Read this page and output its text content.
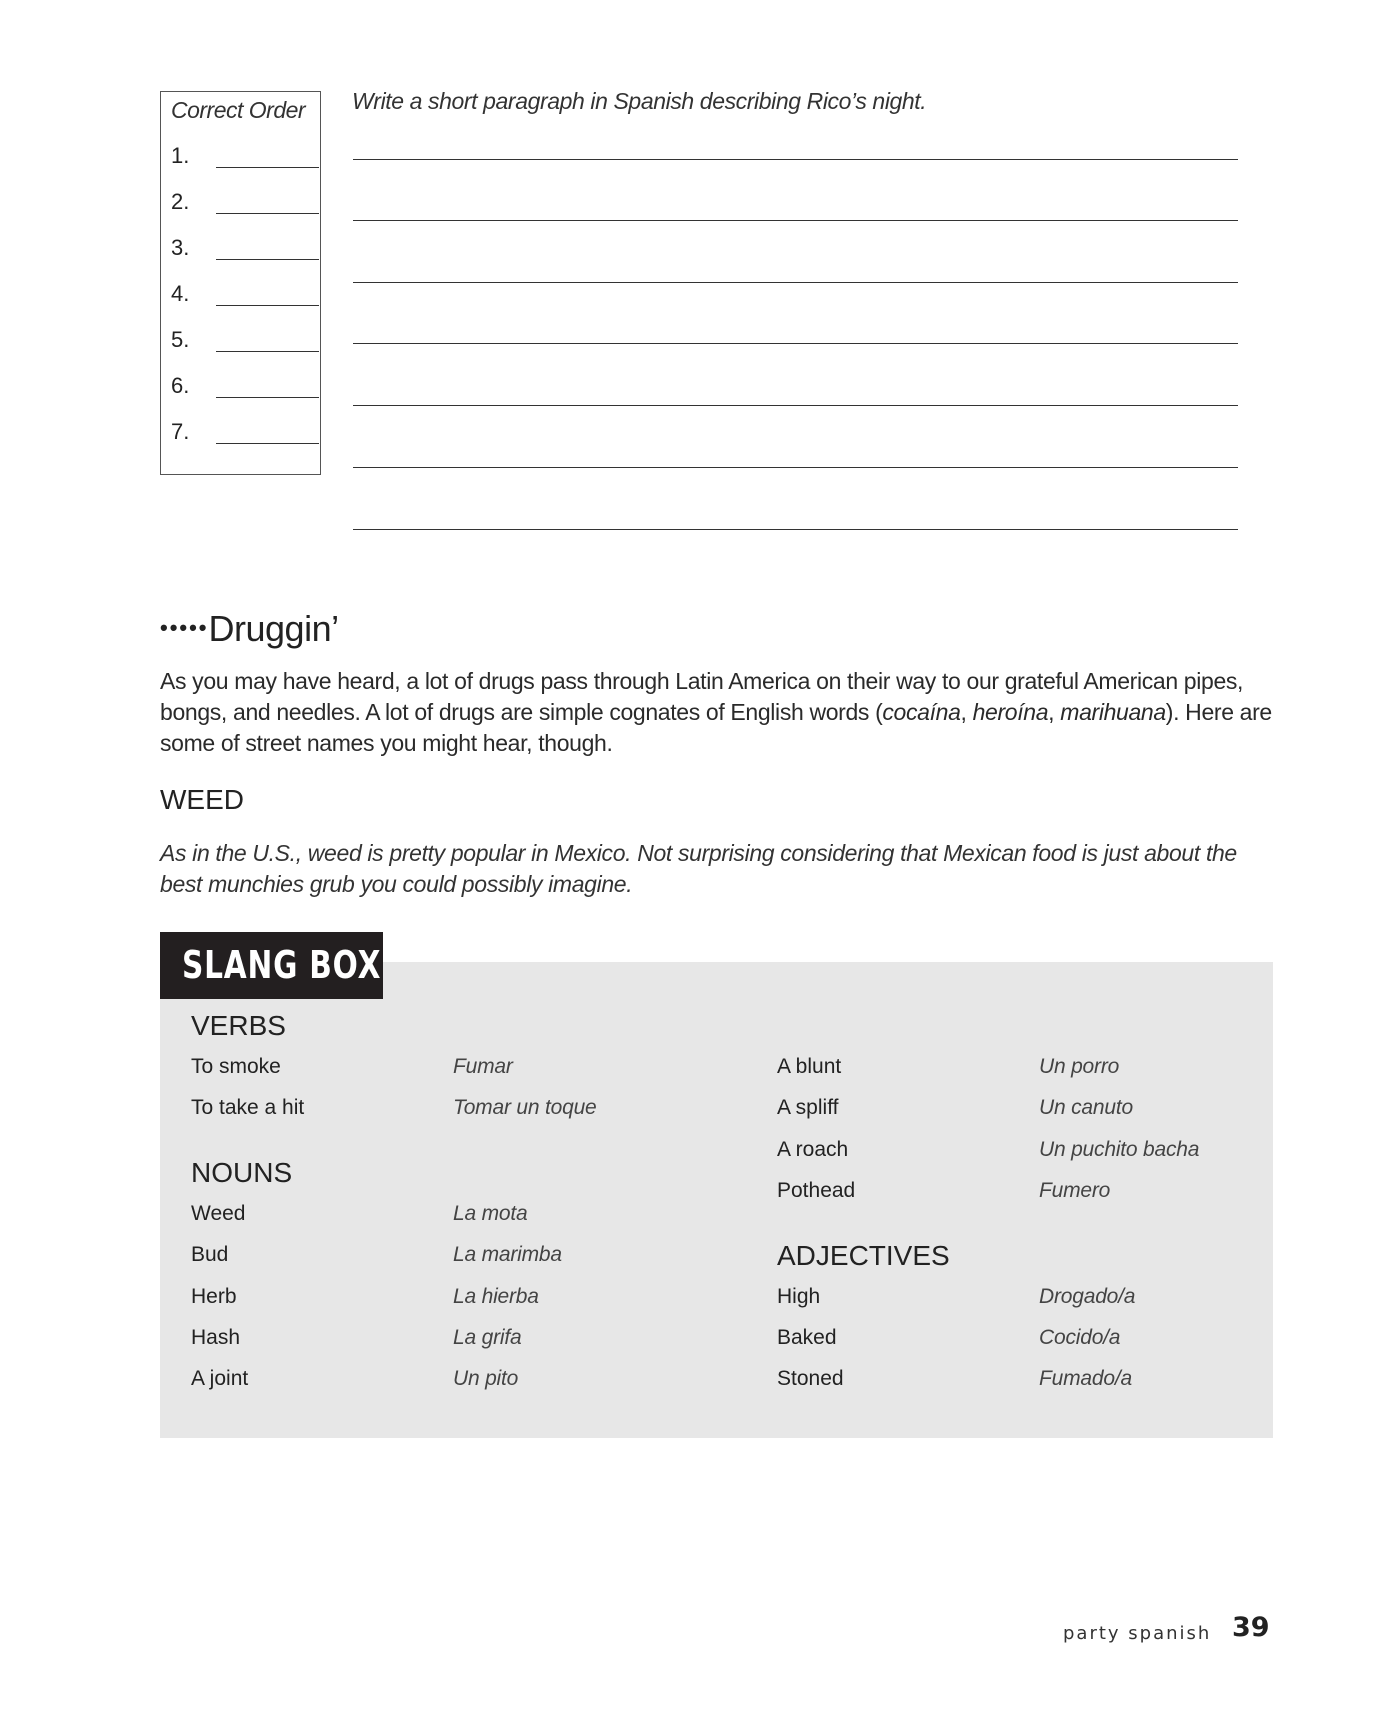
Correct Order
1.
2.
3.
4.
5.
6.
7.
Write a short paragraph in Spanish describing Rico’s night.
•••••Druggin’
As you may have heard, a lot of drugs pass through Latin America on their way to our grateful American pipes, bongs, and needles. A lot of drugs are simple cognates of English words (cocaína, heroína, marihuana). Here are some of street names you might hear, though.
WEED
As in the U.S., weed is pretty popular in Mexico. Not surprising considering that Mexican food is just about the best munchies grub you could possibly imagine.
SLANG BOX
VERBS
To smoke	Fumar
To take a hit	Tomar un toque
NOUNS
Weed	La mota
Bud	La marimba
Herb	La hierba
Hash	La grifa
A joint	Un pito
A blunt	Un porro
A spliff	Un canuto
A roach	Un puchito bacha
Pothead	Fumero
ADJECTIVES
High	Drogado/a
Baked	Cocido/a
Stoned	Fumado/a
party spanish 39
